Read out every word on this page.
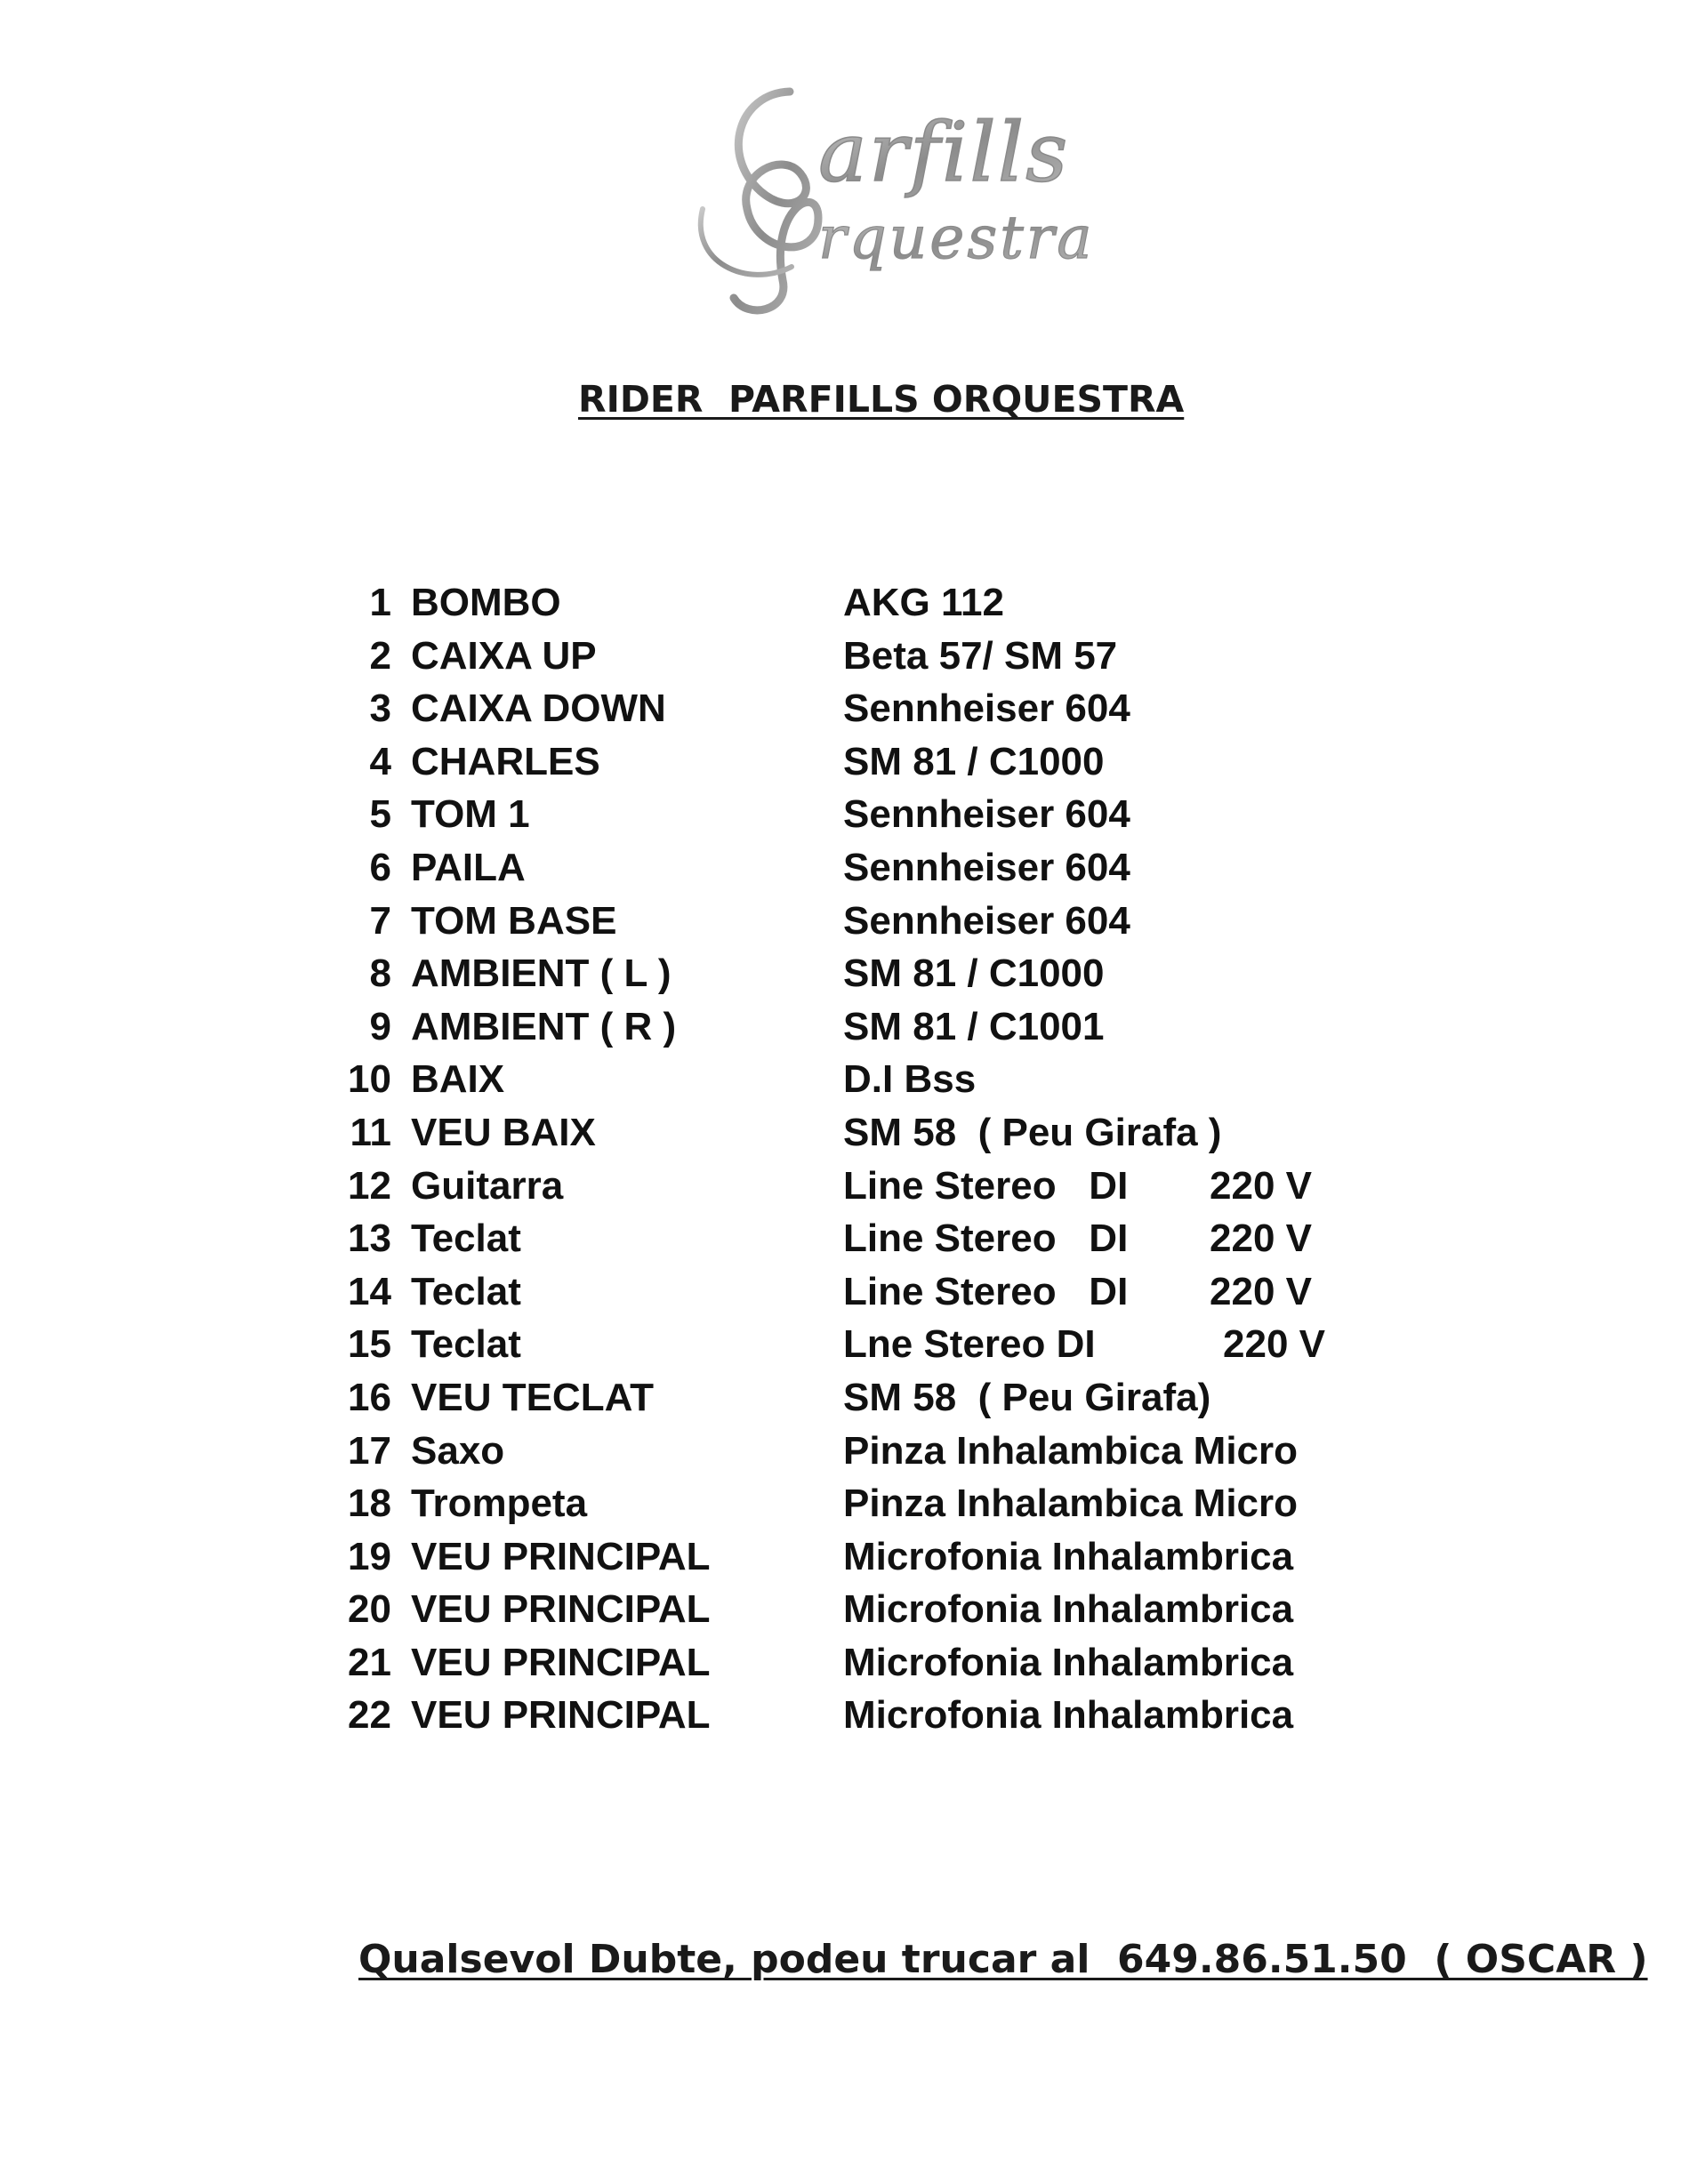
arfills
rquestra
RIDER  PARFILLS ORQUESTRA
1 BOMBO	AKG 112
2 CAIXA UP	Beta 57/ SM 57
3 CAIXA DOWN	Sennheiser 604
4 CHARLES	SM 81 / C1000
5 TOM 1	Sennheiser 604
6 PAILA	Sennheiser 604
7 TOM BASE	Sennheiser 604
8 AMBIENT ( L )	SM 81 / C1000
9 AMBIENT ( R )	SM 81 / C1001
10 BAIX	D.I Bss
11 VEU BAIX	SM 58  ( Peu Girafa )
12 Guitarra	Line Stereo   DI 220 V
13 Teclat	Line Stereo   DI 220 V
14 Teclat	Line Stereo   DI 220 V
15 Teclat	Lne Stereo DI	220 V
16 VEU TECLAT	SM 58  ( Peu Girafa)
17 Saxo	Pinza Inhalambica Micro
18 Trompeta	Pinza Inhalambica Micro
19 VEU PRINCIPAL	Microfonia Inhalambrica
20 VEU PRINCIPAL	Microfonia Inhalambrica
21 VEU PRINCIPAL	Microfonia Inhalambrica
22 VEU PRINCIPAL	Microfonia Inhalambrica
Qualsevol Dubte, podeu trucar al  649.86.51.50  ( OSCAR )
